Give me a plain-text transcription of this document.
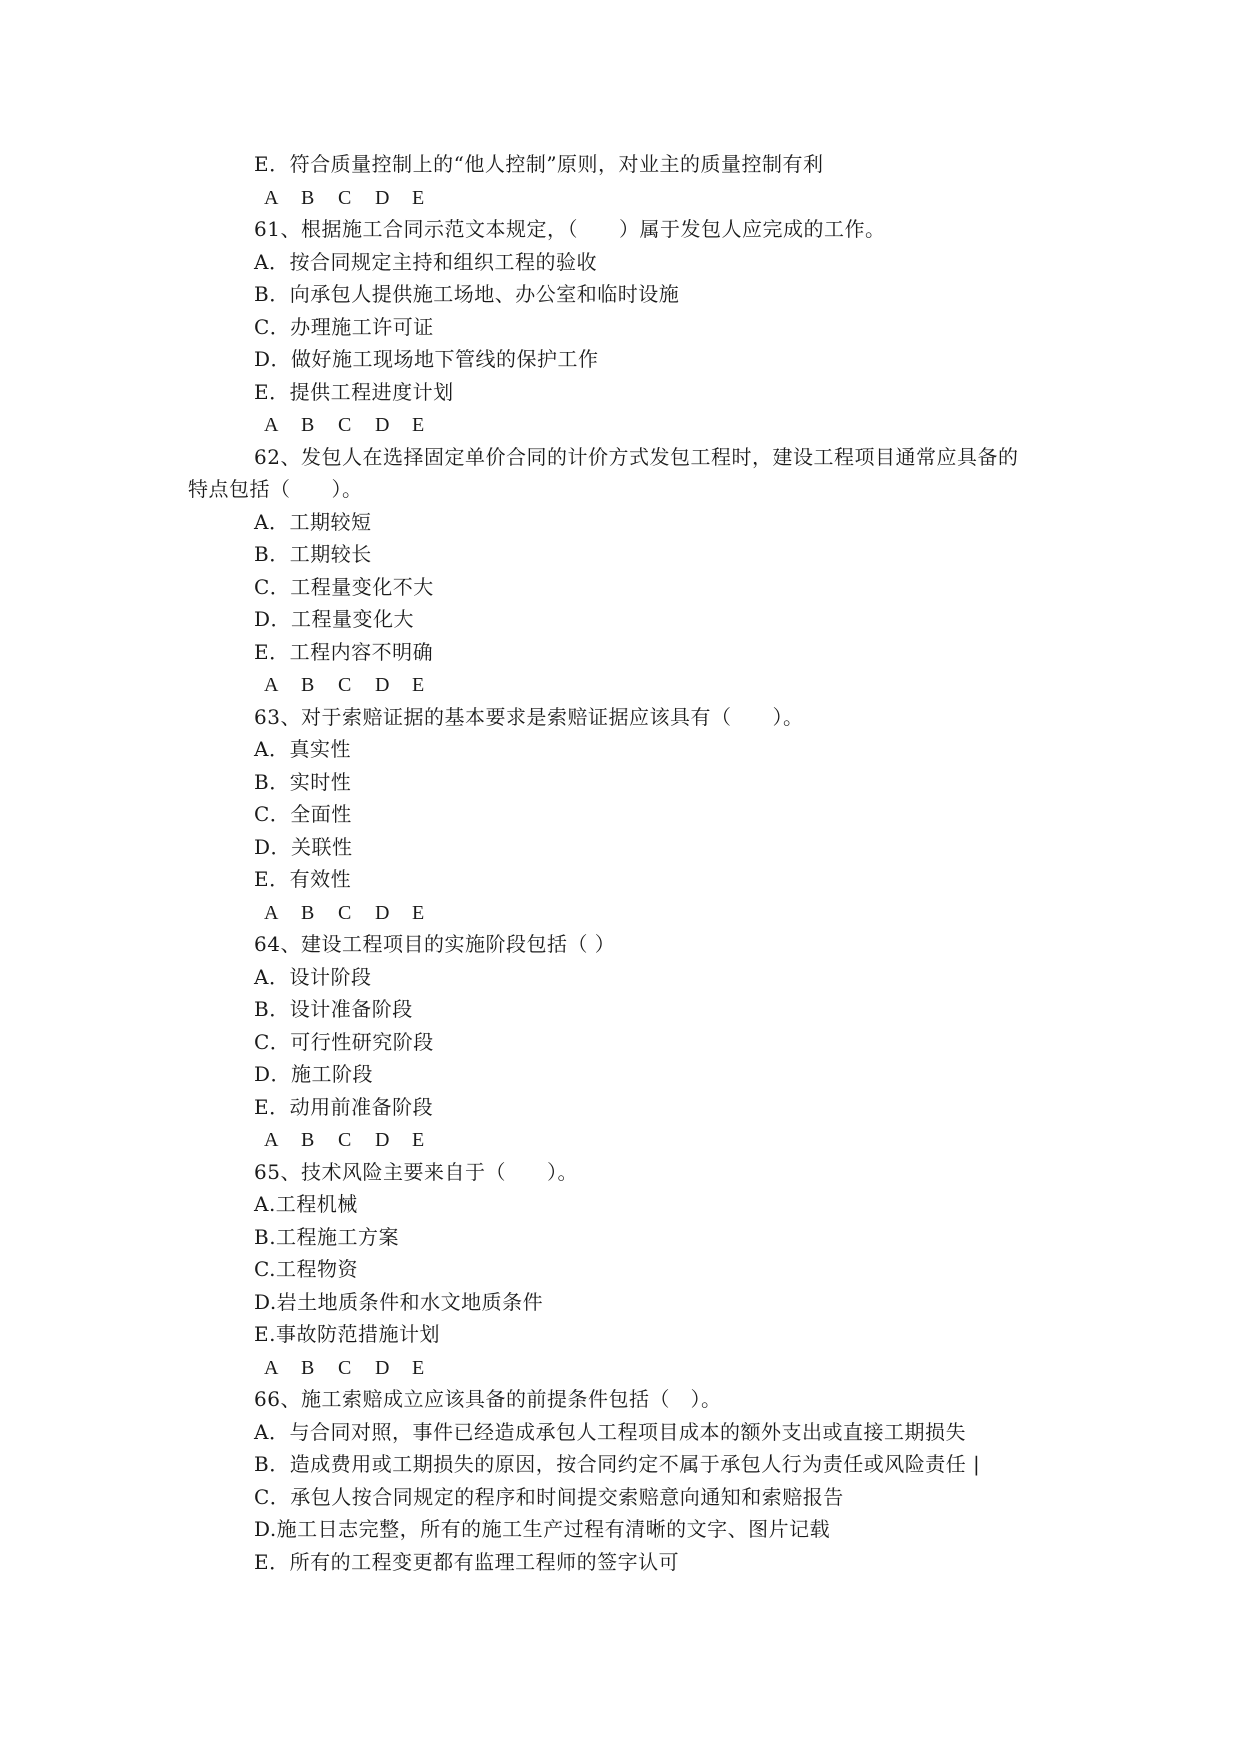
E．符合质量控制上的“他人控制”原则，对业主的质量控制有利
A B C D E
61、根据施工合同示范文本规定，（　　）属于发包人应完成的工作。
A．按合同规定主持和组织工程的验收
B．向承包人提供施工场地、办公室和临时设施
C．办理施工许可证
D．做好施工现场地下管线的保护工作
E．提供工程进度计划
A B C D E
62、发包人在选择固定单价合同的计价方式发包工程时，建设工程项目通常应具备的
特点包括（　　）。
A．工期较短
B．工期较长
C．工程量变化不大
D．工程量变化大
E．工程内容不明确
A B C D E
63、对于索赔证据的基本要求是索赔证据应该具有（　　）。
A．真实性
B．实时性
C．全面性
D．关联性
E．有效性
A B C D E
64、建设工程项目的实施阶段包括（ ）
A．设计阶段
B．设计准备阶段
C．可行性研究阶段
D．施工阶段
E．动用前准备阶段
A B C D E
65、技术风险主要来自于（　　）。
A.工程机械
B.工程施工方案
C.工程物资
D.岩土地质条件和水文地质条件
E.事故防范措施计划
A B C D E
66、施工索赔成立应该具备的前提条件包括（　）。
A．与合同对照，事件已经造成承包人工程项目成本的额外支出或直接工期损失
B．造成费用或工期损失的原因，按合同约定不属于承包人行为责任或风险责任 |
C．承包人按合同规定的程序和时间提交索赔意向通知和索赔报告
D.施工日志完整，所有的施工生产过程有清晰的文字、图片记载
E．所有的工程变更都有监理工程师的签字认可
